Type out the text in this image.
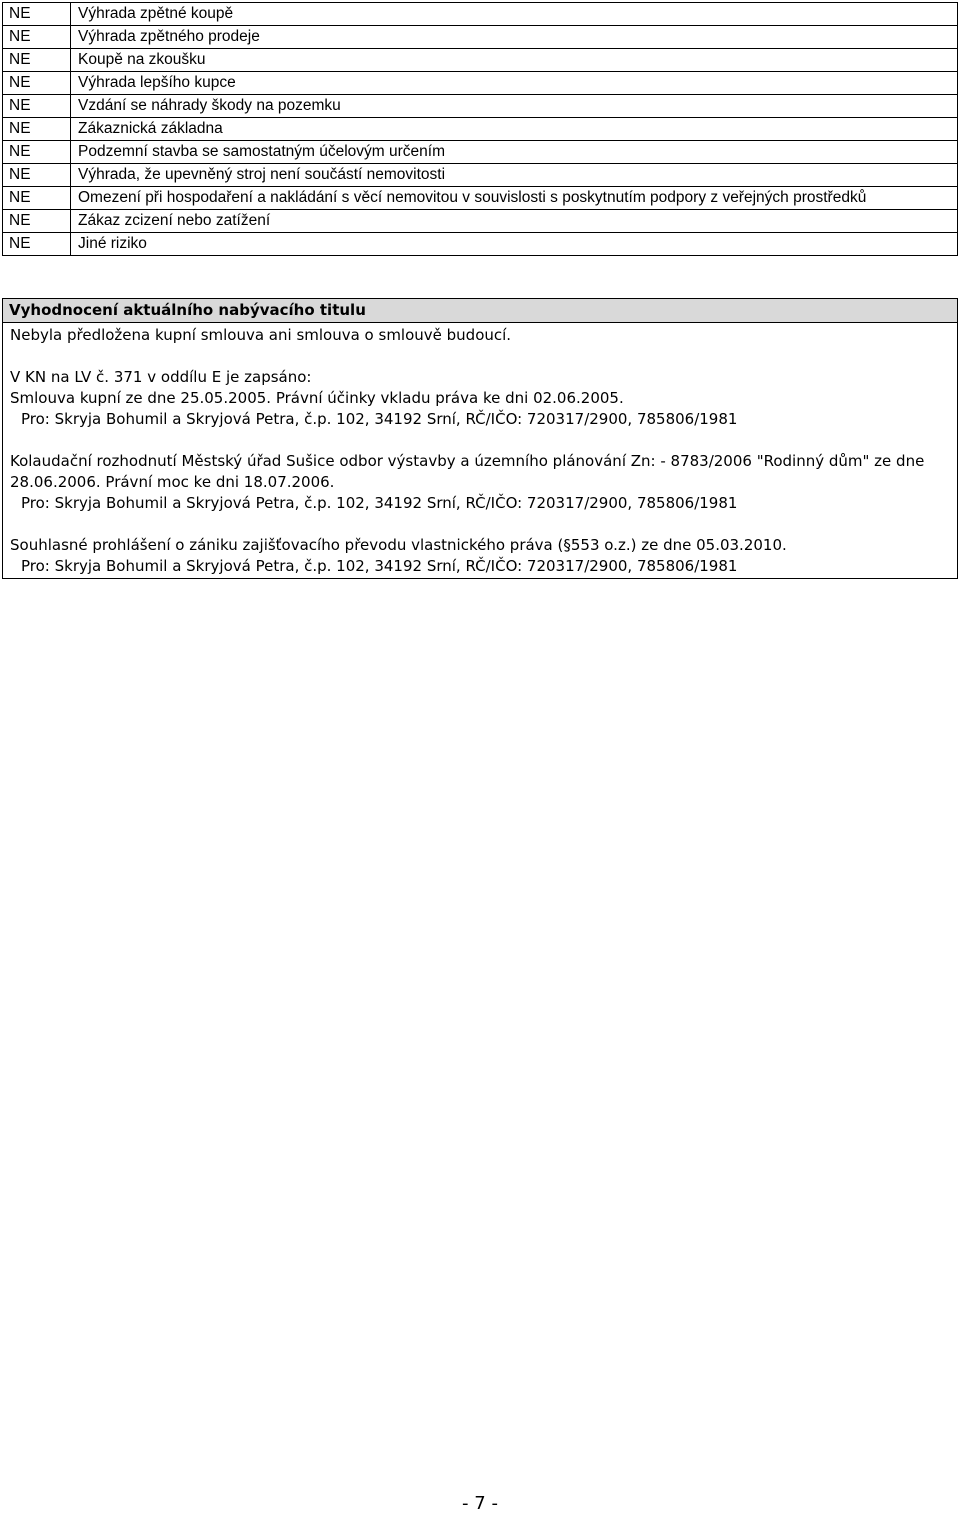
NE	Výhrada zpětné koupě
NE	Výhrada zpětného prodeje
NE	Koupě na zkoušku
NE	Výhrada lepšího kupce
NE	Vzdání se náhrady škody na pozemku
NE	Zákaznická základna
NE	Podzemní stavba se samostatným účelovým určením
NE	Výhrada, že upevněný stroj není součástí nemovitosti
NE	Omezení při hospodaření a nakládání s věcí nemovitou v souvislosti s poskytnutím podpory z veřejných prostředků
NE	Zákaz zcizení nebo zatížení
NE	Jiné riziko
Vyhodnocení aktuálního nabývacího titulu
Nebyla předložena kupní smlouva ani smlouva o smlouvě budoucí.
V KN na LV č. 371 v oddílu E je zapsáno:
Smlouva kupní ze dne 25.05.2005. Právní účinky vkladu práva ke dni 02.06.2005.
Pro: Skryja Bohumil a Skryjová Petra, č.p. 102, 34192 Srní, RČ/IČO: 720317/2900, 785806/1981
Kolaudační rozhodnutí Městský úřad Sušice odbor výstavby a územního plánování Zn: - 8783/2006 "Rodinný dům" ze dne 28.06.2006. Právní moc ke dni 18.07.2006.
Pro: Skryja Bohumil a Skryjová Petra, č.p. 102, 34192 Srní, RČ/IČO: 720317/2900, 785806/1981
Souhlasné prohlášení o zániku zajišťovacího převodu vlastnického práva (§553 o.z.) ze dne 05.03.2010.
Pro: Skryja Bohumil a Skryjová Petra, č.p. 102, 34192 Srní, RČ/IČO: 720317/2900, 785806/1981
- 7 -
